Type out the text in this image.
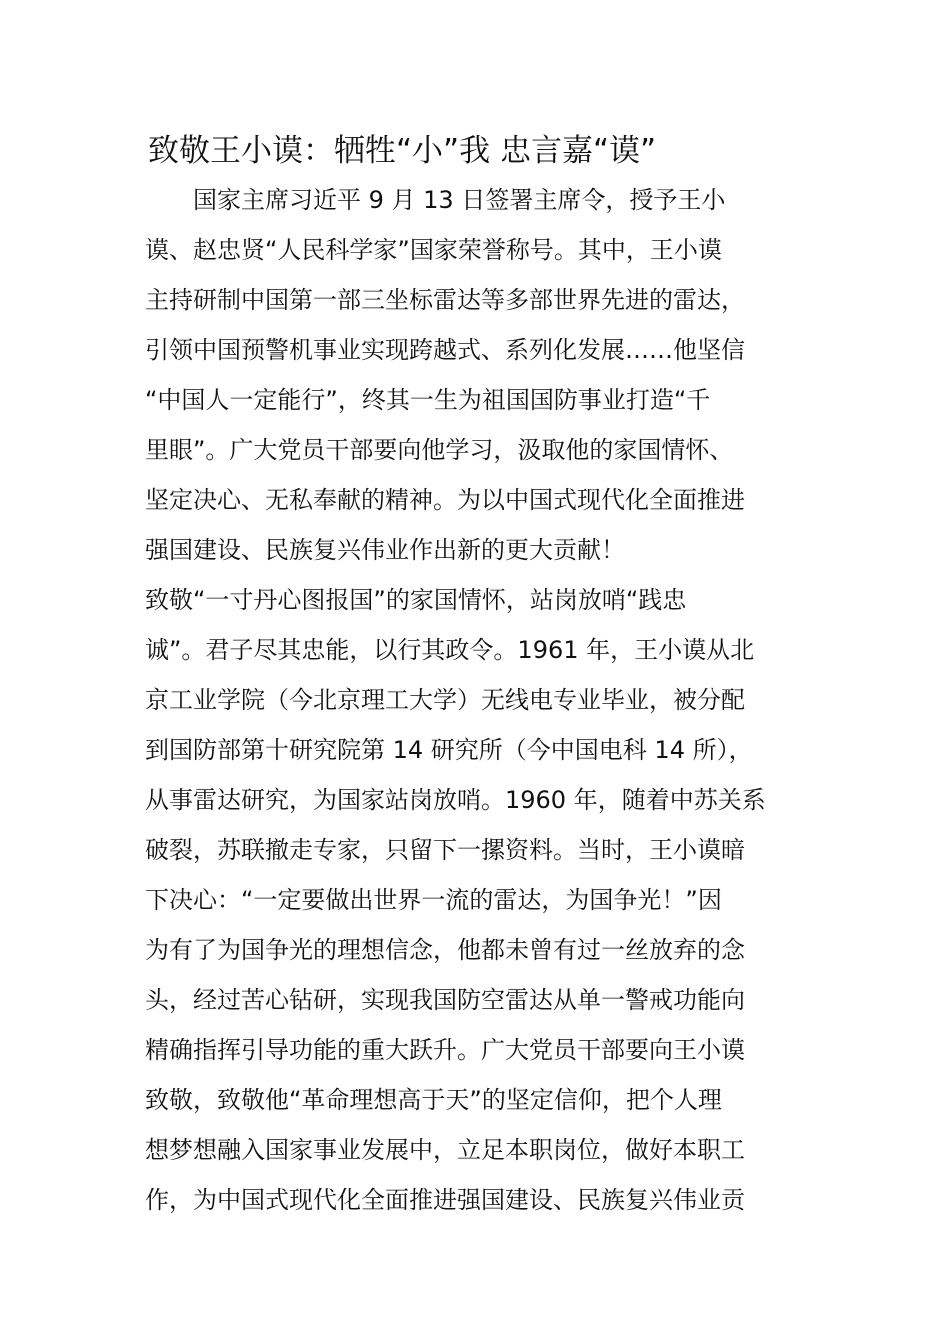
致敬王小谟：牺牲“小”我 忠言嘉“谟”
　　国家主席习近平 9 月 13 日签署主席令，授予王小
谟、赵忠贤“人民科学家”国家荣誉称号。其中，王小谟
主持研制中国第一部三坐标雷达等多部世界先进的雷达，
引领中国预警机事业实现跨越式、系列化发展……他坚信
“中国人一定能行”，终其一生为祖国国防事业打造“千
里眼”。广大党员干部要向他学习，汲取他的家国情怀、
坚定决心、无私奉献的精神。为以中国式现代化全面推进
强国建设、民族复兴伟业作出新的更大贡献！
致敬“一寸丹心图报国”的家国情怀，站岗放哨“践忠
诚”。君子尽其忠能，以行其政令。1961 年，王小谟从北
京工业学院（今北京理工大学）无线电专业毕业，被分配
到国防部第十研究院第 14 研究所（今中国电科 14 所），
从事雷达研究，为国家站岗放哨。1960 年，随着中苏关系
破裂，苏联撤走专家，只留下一摞资料。当时，王小谟暗
下决心：“一定要做出世界一流的雷达，为国争光！”因
为有了为国争光的理想信念，他都未曾有过一丝放弃的念
头，经过苦心钻研，实现我国防空雷达从单一警戒功能向
精确指挥引导功能的重大跃升。广大党员干部要向王小谟
致敬，致敬他“革命理想高于天”的坚定信仰，把个人理
想梦想融入国家事业发展中，立足本职岗位，做好本职工
作，为中国式现代化全面推进强国建设、民族复兴伟业贡
